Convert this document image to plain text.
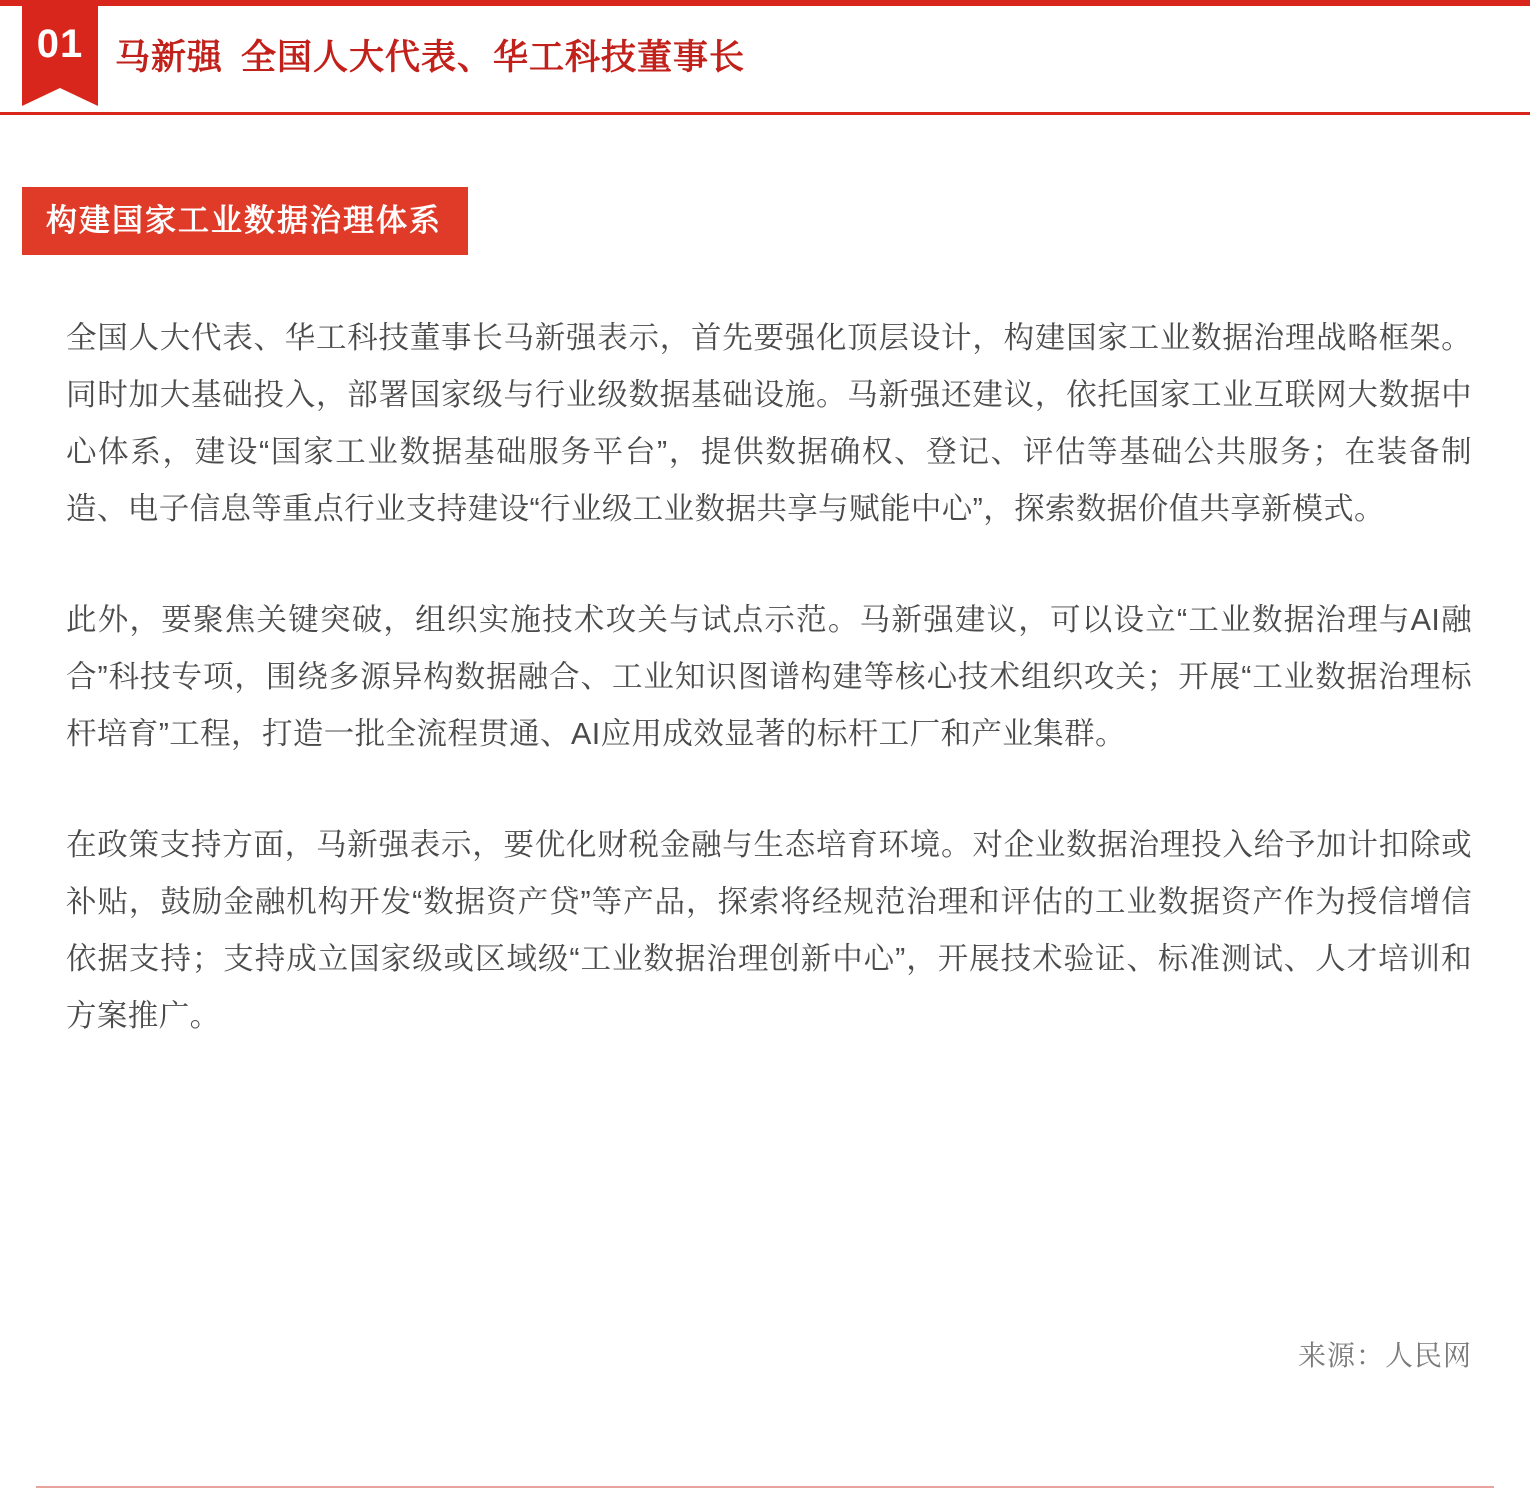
01 马新强 全国人大代表、华工科技董事长
构建国家工业数据治理体系

全国人大代表、华工科技董事长马新强表示，首先要强化顶层设计，构建国家工业数据治理战略框架。同时加大基础投入，部署国家级与行业级数据基础设施。马新强还建议，依托国家工业互联网大数据中心体系，建设“国家工业数据基础服务平台”，提供数据确权、登记、评估等基础公共服务；在装备制造、电子信息等重点行业支持建设“行业级工业数据共享与赋能中心”，探索数据价值共享新模式。

此外，要聚焦关键突破，组织实施技术攻关与试点示范。马新强建议，可以设立“工业数据治理与AI融合”科技专项，围绕多源异构数据融合、工业知识图谱构建等核心技术组织攻关；开展“工业数据治理标杆培育”工程，打造一批全流程贯通、AI应用成效显著的标杆工厂和产业集群。

在政策支持方面，马新强表示，要优化财税金融与生态培育环境。对企业数据治理投入给予加计扣除或补贴，鼓励金融机构开发“数据资产贷”等产品，探索将经规范治理和评估的工业数据资产作为授信增信依据支持；支持成立国家级或区域级“工业数据治理创新中心”，开展技术验证、标准测试、人才培训和方案推广。

来源：人民网
